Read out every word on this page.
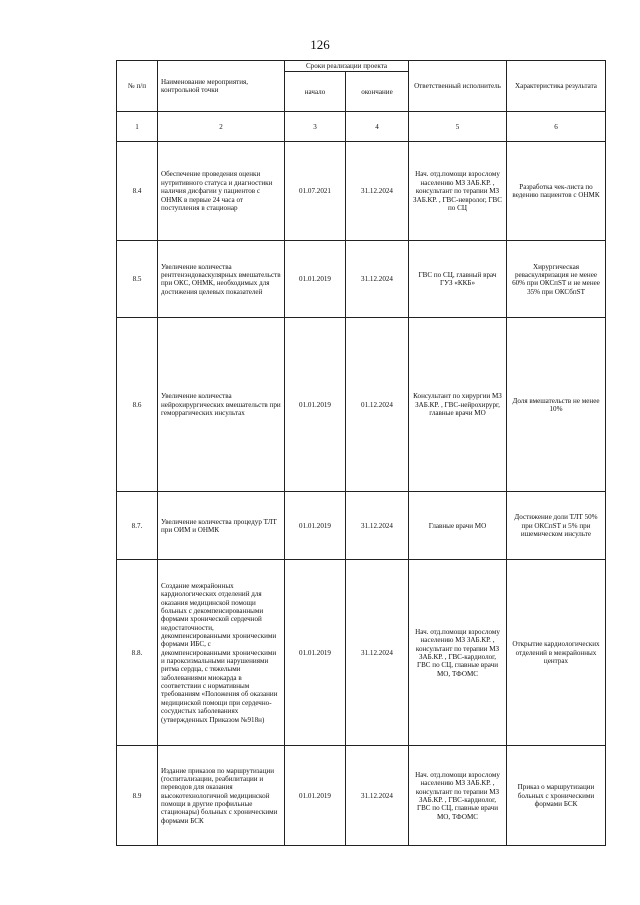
126
№ п/п	Наименование мероприятия, контрольной точки	Сроки реализации проекта		Ответственный исполнитель	Характеристика результата
		начало	окончание		
1	2	3	4	5	6
8.4	Обеспечение проведения оценки нутритивного статуса и диагностики наличия дисфагии у пациентов с ОНМК в первые 24 часа от поступления в стационар	01.07.2021	31.12.2024	Нач. отд.помощи взрослому населению МЗ ЗАБ.КР. , консультант по терапии МЗ ЗАБ.КР. , ГВС-невролог, ГВС по СЦ	Разработка чек-листа по ведению пациентов с ОНМК
8.5	Увеличение количества рентгенэндоваскулярных вмешательств при ОКС, ОНМК, необходимых для достижения целевых показателей	01.01.2019	31.12.2024	ГВС по СЦ, главный врач ГУЗ «ККБ»	Хирургическая реваскуляризация не менее 60% при ОКСпST и не менее 35% при ОКСбпST
8.6	Увеличение количества нейрохирургических вмешательств при геморрагических инсультах	01.01.2019	01.12.2024	Консультант по хирургии МЗ ЗАБ.КР. , ГВС-нейрохирург, главные врачи МО	Доля вмешательств не менее 10%
8.7.	Увеличение количества процедур ТЛТ при ОИМ и ОНМК	01.01.2019	31.12.2024	Главные врачи МО	Достижение доли ТЛТ 50% при ОКСпST и 5% при ишемическом инсульте
8.8.	Создание межрайонных кардиологических отделений для оказания медицинской помощи больных с декомпенсированными формами хронической сердечной недостаточности, декомпенсированными хроническими формами ИБС, с декомпенсированными хроническими и пароксизмальными нарушениями ритма сердца, с тяжелыми заболеваниями миокарда в соответствии с нормативным требованиям «Положения об оказании медицинской помощи при сердечно-сосудистых заболеваниях (утвержденных Приказом №918н)	01.01.2019	31.12.2024	Нач. отд.помощи взрослому населению МЗ ЗАБ.КР. , консультант по терапии МЗ ЗАБ.КР. , ГВС-кардиолог, ГВС по СЦ, главные врачи МО, ТФОМС	Открытие кардиологических отделений в межрайонных центрах
8.9	Издание приказов по маршрутизации (госпитализации, реабилитации и переводов для оказания высокотехнологичной медицинской помощи в другие профильные стационары) больных с хроническими формами БСК	01.01.2019	31.12.2024	Нач. отд.помощи взрослому населению МЗ ЗАБ.КР. , консультант по терапии МЗ ЗАБ.КР. , ГВС-кардиолог, ГВС по СЦ, главные врачи МО, ТФОМС	Приказ о маршрутизации больных с хроническими формами БСК
